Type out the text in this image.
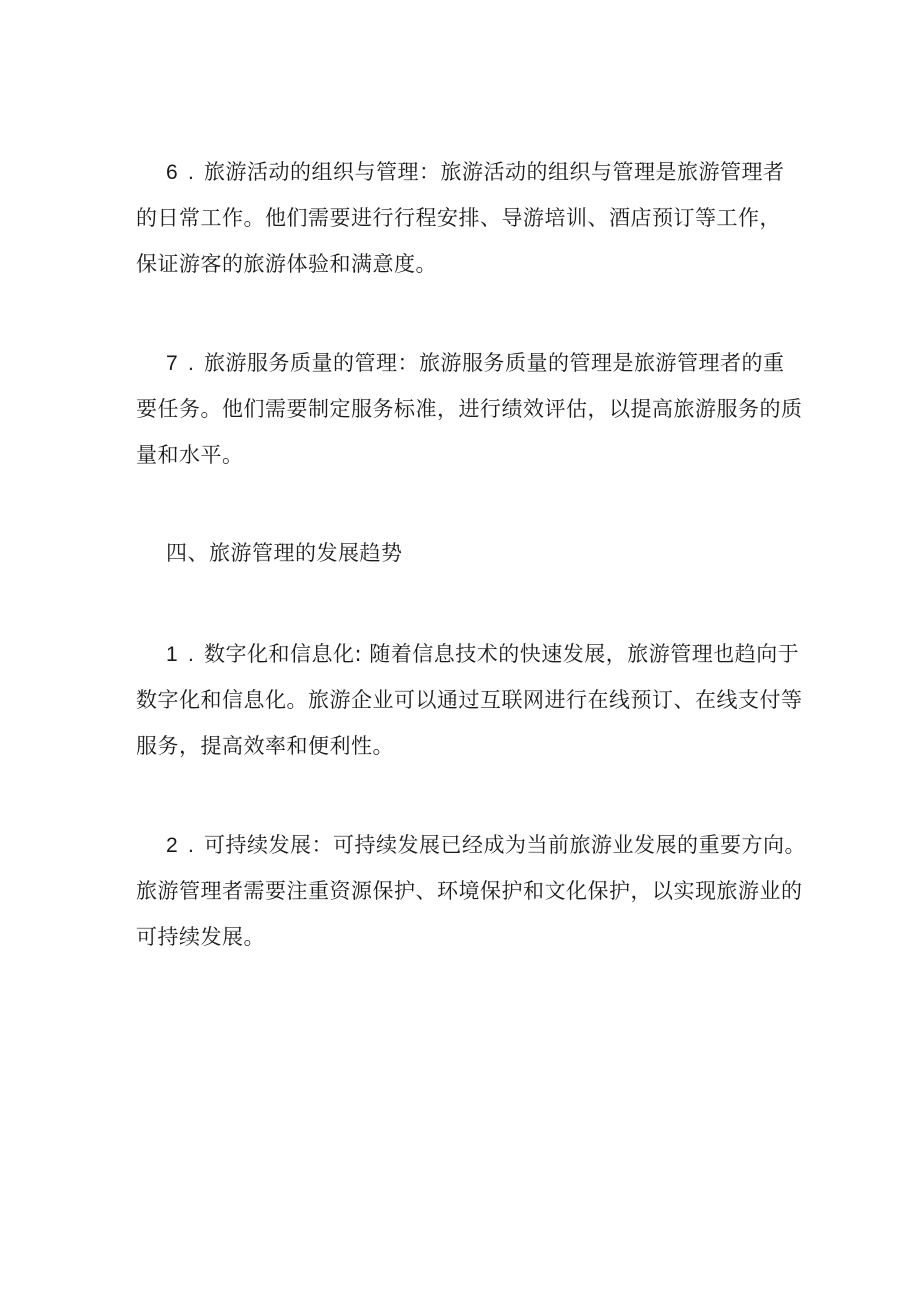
6 . 旅游活动的组织与管理：旅游活动的组织与管理是旅游管理者
的日常工作。他们需要进行行程安排、导游培训、酒店预订等工作，
保证游客的旅游体验和满意度。
7 . 旅游服务质量的管理：旅游服务质量的管理是旅游管理者的重
要任务。他们需要制定服务标准，进行绩效评估，以提高旅游服务的质
量和水平。
四、旅游管理的发展趋势
1 . 数字化和信息化: 随着信息技术的快速发展，旅游管理也趋向于
数字化和信息化。旅游企业可以通过互联网进行在线预订、在线支付等
服务，提高效率和便利性。
2 . 可持续发展：可持续发展已经成为当前旅游业发展的重要方向。
旅游管理者需要注重资源保护、环境保护和文化保护，以实现旅游业的
可持续发展。
